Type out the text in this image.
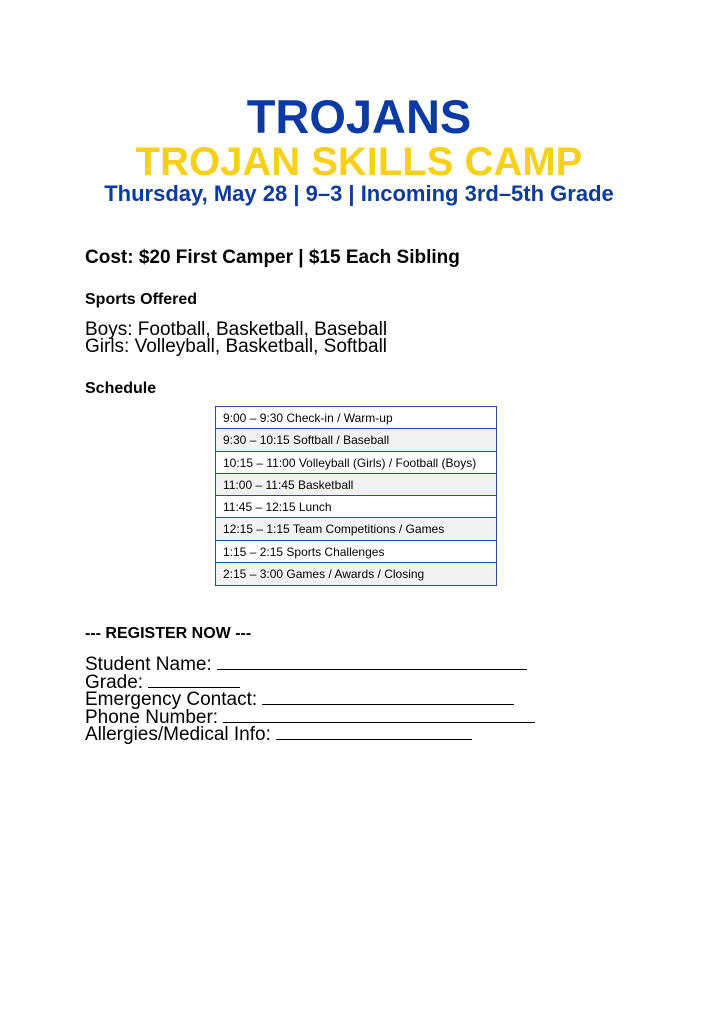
TROJANS
TROJAN SKILLS CAMP
Thursday, May 28 | 9–3 | Incoming 3rd–5th Grade
Cost: $20 First Camper | $15 Each Sibling
Sports Offered
Boys: Football, Basketball, Baseball
Girls: Volleyball, Basketball, Softball
Schedule
9:00 – 9:30 Check-in / Warm-up
9:30 – 10:15 Softball / Baseball
10:15 – 11:00 Volleyball (Girls) / Football (Boys)
11:00 – 11:45 Basketball
11:45 – 12:15 Lunch
12:15 – 1:15 Team Competitions / Games
1:15 – 2:15 Sports Challenges
2:15 – 3:00 Games / Awards / Closing
--- REGISTER NOW ---
Student Name:
Grade:
Emergency Contact:
Phone Number:
Allergies/Medical Info:
